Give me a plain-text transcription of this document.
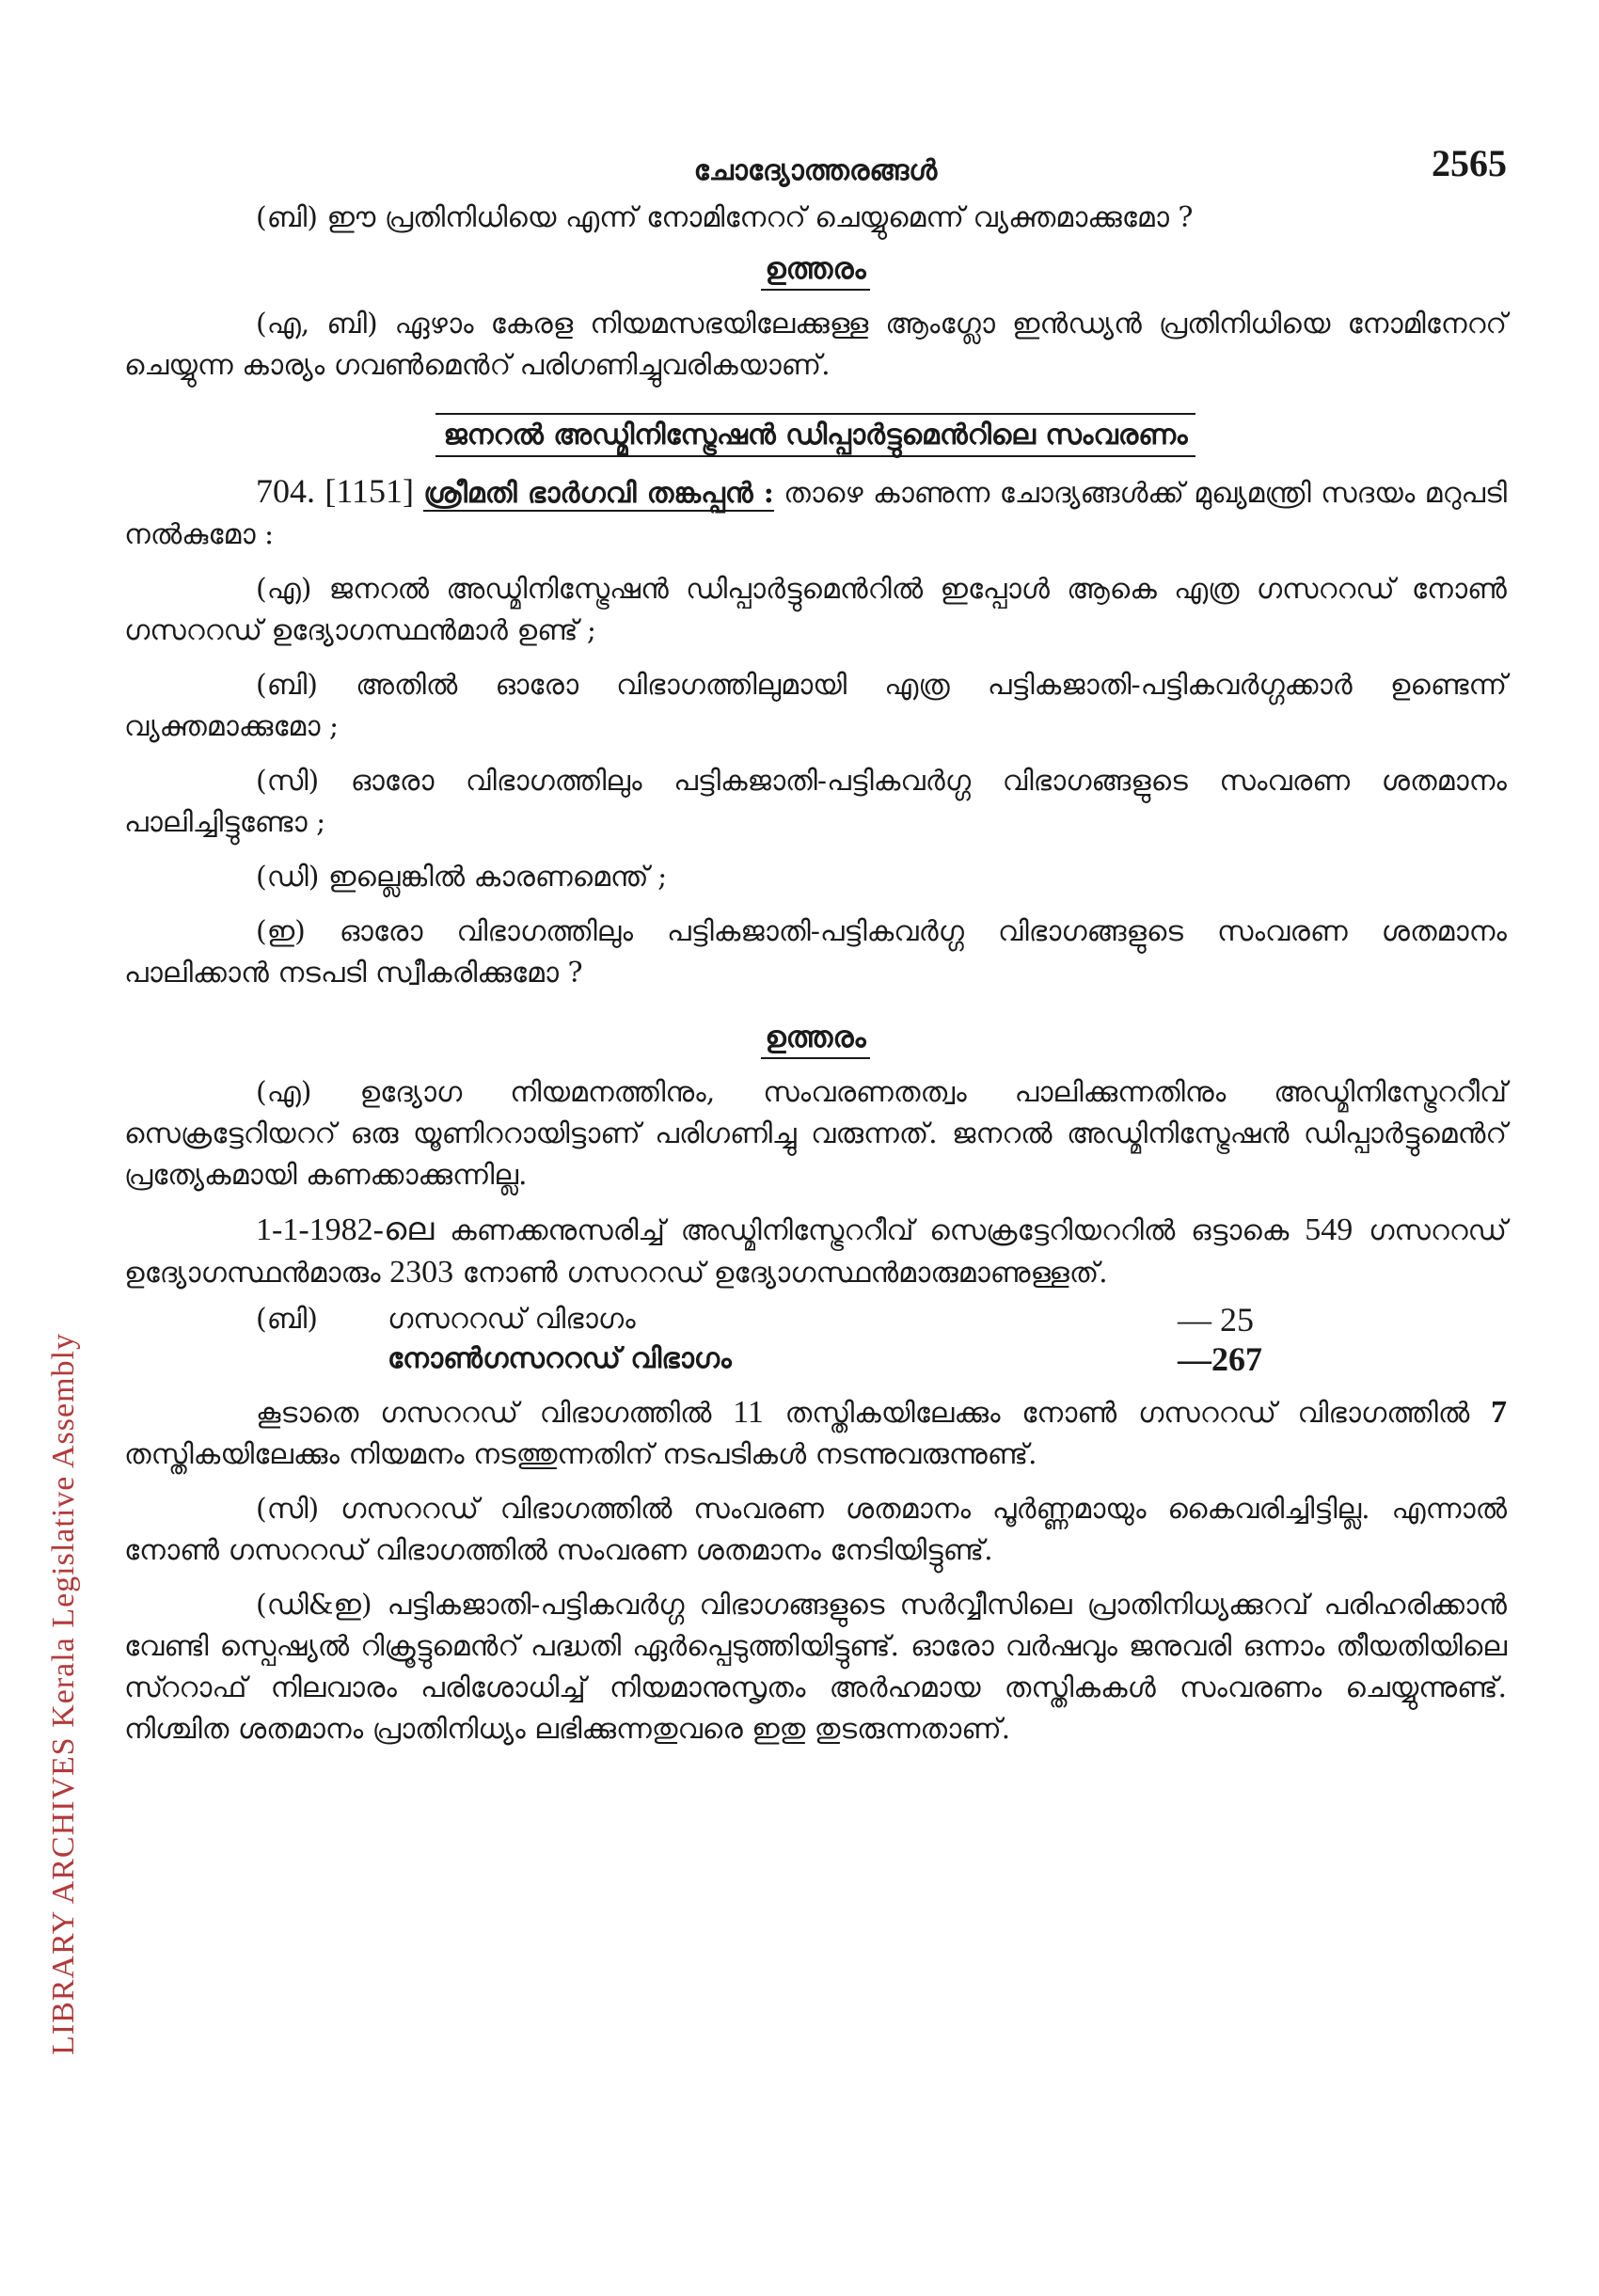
LIBRARY ARCHIVES Kerala Legislative Assembly
ചോദ്യോത്തരങ്ങൾ	2565

(ബി) ഈ പ്രതിനിധിയെ എന്ന് നോമിനേററ് ചെയ്യുമെന്ന് വ്യക്തമാക്കുമോ ?

ഉത്തരം

(എ, ബി) ഏഴാം കേരള നിയമസഭയിലേക്കുള്ള ആംഗ്ലോ ഇൻഡ്യൻ പ്രതിനിധിയെ നോമിനേററ് ചെയ്യുന്ന കാര്യം ഗവൺമെൻറ് പരിഗണിച്ചുവരികയാണ്.

ജനറൽ അഡ്മിനിസ്ട്രേഷൻ ഡിപ്പാർട്ടുമെൻറിലെ സംവരണം

704. [1151] ശ്രീമതി ഭാർഗവി തങ്കപ്പൻ : താഴെ കാണുന്ന ചോദ്യങ്ങൾക്ക് മുഖ്യമന്ത്രി സദയം മറുപടി നൽകുമോ :

(എ) ജനറൽ അഡ്മിനിസ്ട്രേഷൻ ഡിപ്പാർട്ടുമെൻറിൽ ഇപ്പോൾ ആകെ എത്ര ഗസററഡ് നോൺ ഗസററഡ് ഉദ്യോഗസ്ഥൻമാർ ഉണ്ട് ;

(ബി) അതിൽ ഓരോ വിഭാഗത്തിലുമായി എത്ര പട്ടികജാതി-പട്ടികവർഗ്ഗക്കാർ ഉണ്ടെന്ന് വ്യക്തമാക്കുമോ ;

(സി) ഓരോ വിഭാഗത്തിലും പട്ടികജാതി-പട്ടികവർഗ്ഗ വിഭാഗങ്ങളുടെ സംവരണ ശതമാനം പാലിച്ചിട്ടുണ്ടോ ;

(ഡി) ഇല്ലെങ്കിൽ കാരണമെന്ത് ;

(ഇ) ഓരോ വിഭാഗത്തിലും പട്ടികജാതി-പട്ടികവർഗ്ഗ വിഭാഗങ്ങളുടെ സംവരണ ശതമാനം പാലിക്കാൻ നടപടി സ്വീകരിക്കുമോ ?

ഉത്തരം

(എ) ഉദ്യോഗ നിയമനത്തിനും, സംവരണതത്വം പാലിക്കുന്നതിനും അഡ്മിനിസ്ട്രേററീവ് സെക്രട്ടേറിയററ് ഒരു യൂണിററായിട്ടാണ് പരിഗണിച്ചു വരുന്നത്. ജനറൽ അഡ്മിനിസ്ട്രേഷൻ ഡിപ്പാർട്ടുമെൻറ് പ്രത്യേകമായി കണക്കാക്കുന്നില്ല.

1-1-1982-ലെ കണക്കനുസരിച്ച് അഡ്മിനിസ്ട്രേററീവ് സെക്രട്ടേറിയററിൽ ഒട്ടാകെ 549 ഗസററഡ് ഉദ്യോഗസ്ഥൻമാരും 2303 നോൺ ഗസററഡ് ഉദ്യോഗസ്ഥൻമാരുമാണുള്ളത്.

(ബി)	ഗസററഡ് വിഭാഗം	— 25
നോൺഗസററഡ് വിഭാഗം	—267

കൂടാതെ ഗസററഡ് വിഭാഗത്തിൽ 11 തസ്തികയിലേക്കും നോൺ ഗസററഡ് വിഭാഗത്തിൽ 7 തസ്തികയിലേക്കും നിയമനം നടത്തുന്നതിന് നടപടികൾ നടന്നുവരുന്നുണ്ട്.

(സി) ഗസററഡ് വിഭാഗത്തിൽ സംവരണ ശതമാനം പൂർണ്ണമായും കൈവരിച്ചിട്ടില്ല. എന്നാൽ നോൺ ഗസററഡ് വിഭാഗത്തിൽ സംവരണ ശതമാനം നേടിയിട്ടുണ്ട്.

(ഡി&ഇ) പട്ടികജാതി-പട്ടികവർഗ്ഗ വിഭാഗങ്ങളുടെ സർവ്വീസിലെ പ്രാതിനിധ്യക്കുറവ് പരിഹരിക്കാൻ വേണ്ടി സ്പെഷ്യൽ റിക്രൂട്ടുമെൻറ് പദ്ധതി ഏർപ്പെടുത്തിയിട്ടുണ്ട്. ഓരോ വർഷവും ജനുവരി ഒന്നാം തീയതിയിലെ സ്ററാഫ് നിലവാരം പരിശോധിച്ച് നിയമാനുസൃതം അർഹമായ തസ്തികകൾ സംവരണം ചെയ്യുന്നുണ്ട്. നിശ്ചിത ശതമാനം പ്രാതിനിധ്യം ലഭിക്കുന്നതുവരെ ഇതു തുടരുന്നതാണ്.
